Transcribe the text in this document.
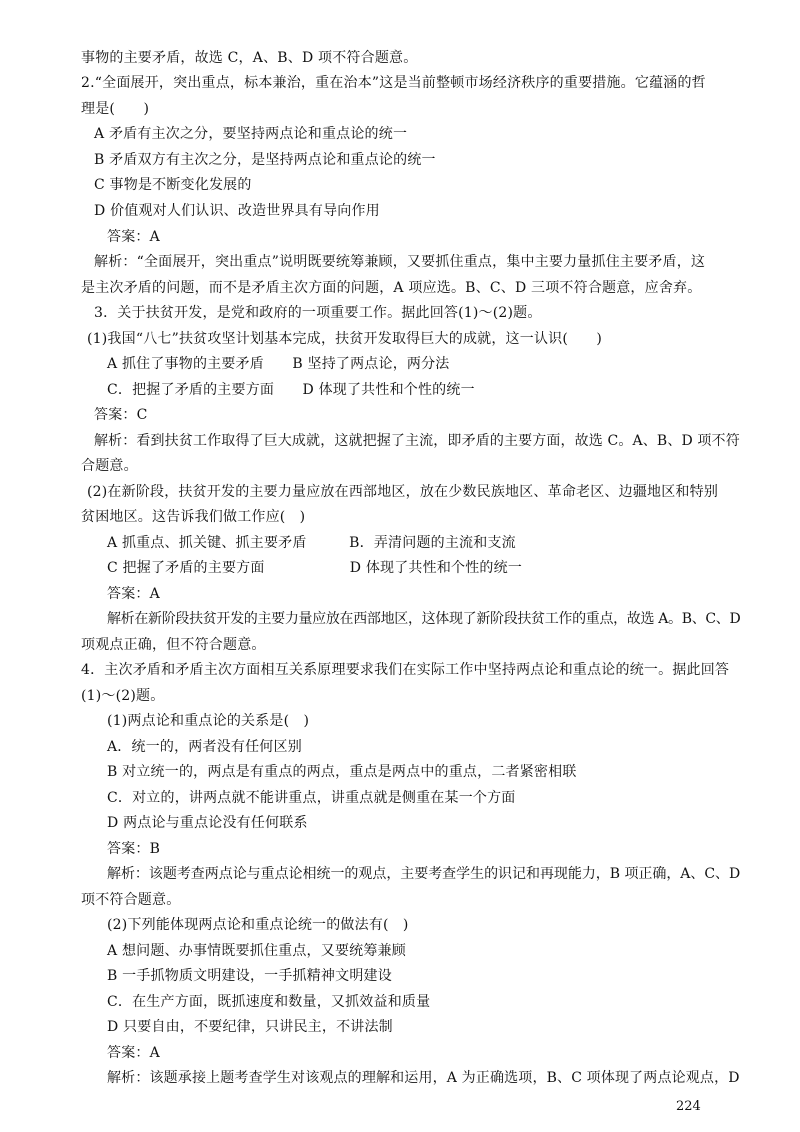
事物的主要矛盾，故选 C，A、B、D 项不符合题意。
2.“全面展开，突出重点，标本兼治，重在治本”这是当前整顿市场经济秩序的重要措施。它蕴涵的哲
理是(　　)
A 矛盾有主次之分，要坚持两点论和重点论的统一
B 矛盾双方有主次之分，是坚持两点论和重点论的统一
C 事物是不断变化发展的
D 价值观对人们认识、改造世界具有导向作用
答案：A
解析：“全面展开，突出重点”说明既要统筹兼顾，又要抓住重点，集中主要力量抓住主要矛盾，这
是主次矛盾的问题，而不是矛盾主次方面的问题，A 项应选。B、C、D 三项不符合题意，应舍弃。
3．关于扶贫开发，是党和政府的一项重要工作。据此回答(1)～(2)题。
(1)我国“八七”扶贫攻坚计划基本完成，扶贫开发取得巨大的成就，这一认识(　　)
A 抓住了事物的主要矛盾　　B 坚持了两点论，两分法
C．把握了矛盾的主要方面　　D 体现了共性和个性的统一
答案：C
解析：看到扶贫工作取得了巨大成就，这就把握了主流，即矛盾的主要方面，故选 C。A、B、D 项不符
合题意。
(2)在新阶段，扶贫开发的主要力量应放在西部地区，放在少数民族地区、革命老区、边疆地区和特别
贫困地区。这告诉我们做工作应(　)
A 抓重点、抓关键、抓主要矛盾　　　B．弄清问题的主流和支流
C 把握了矛盾的主要方面　　　　　　D 体现了共性和个性的统一
答案：A
解析在新阶段扶贫开发的主要力量应放在西部地区，这体现了新阶段扶贫工作的重点，故选 A。B、C、D
项观点正确，但不符合题意。
4．主次矛盾和矛盾主次方面相互关系原理要求我们在实际工作中坚持两点论和重点论的统一。据此回答
(1)～(2)题。
(1)两点论和重点论的关系是(　)
A．统一的，两者没有任何区别
B 对立统一的，两点是有重点的两点，重点是两点中的重点，二者紧密相联
C．对立的，讲两点就不能讲重点，讲重点就是侧重在某一个方面
D 两点论与重点论没有任何联系
答案：B
解析：该题考查两点论与重点论相统一的观点，主要考查学生的识记和再现能力，B 项正确，A、C、D
项不符合题意。
(2)下列能体现两点论和重点论统一的做法有(　)
A 想问题、办事情既要抓住重点，又要统筹兼顾
B 一手抓物质文明建设，一手抓精神文明建设
C．在生产方面，既抓速度和数量，又抓效益和质量
D 只要自由，不要纪律，只讲民主，不讲法制
答案：A
解析：该题承接上题考查学生对该观点的理解和运用，A 为正确选项，B、C 项体现了两点论观点，D
224
